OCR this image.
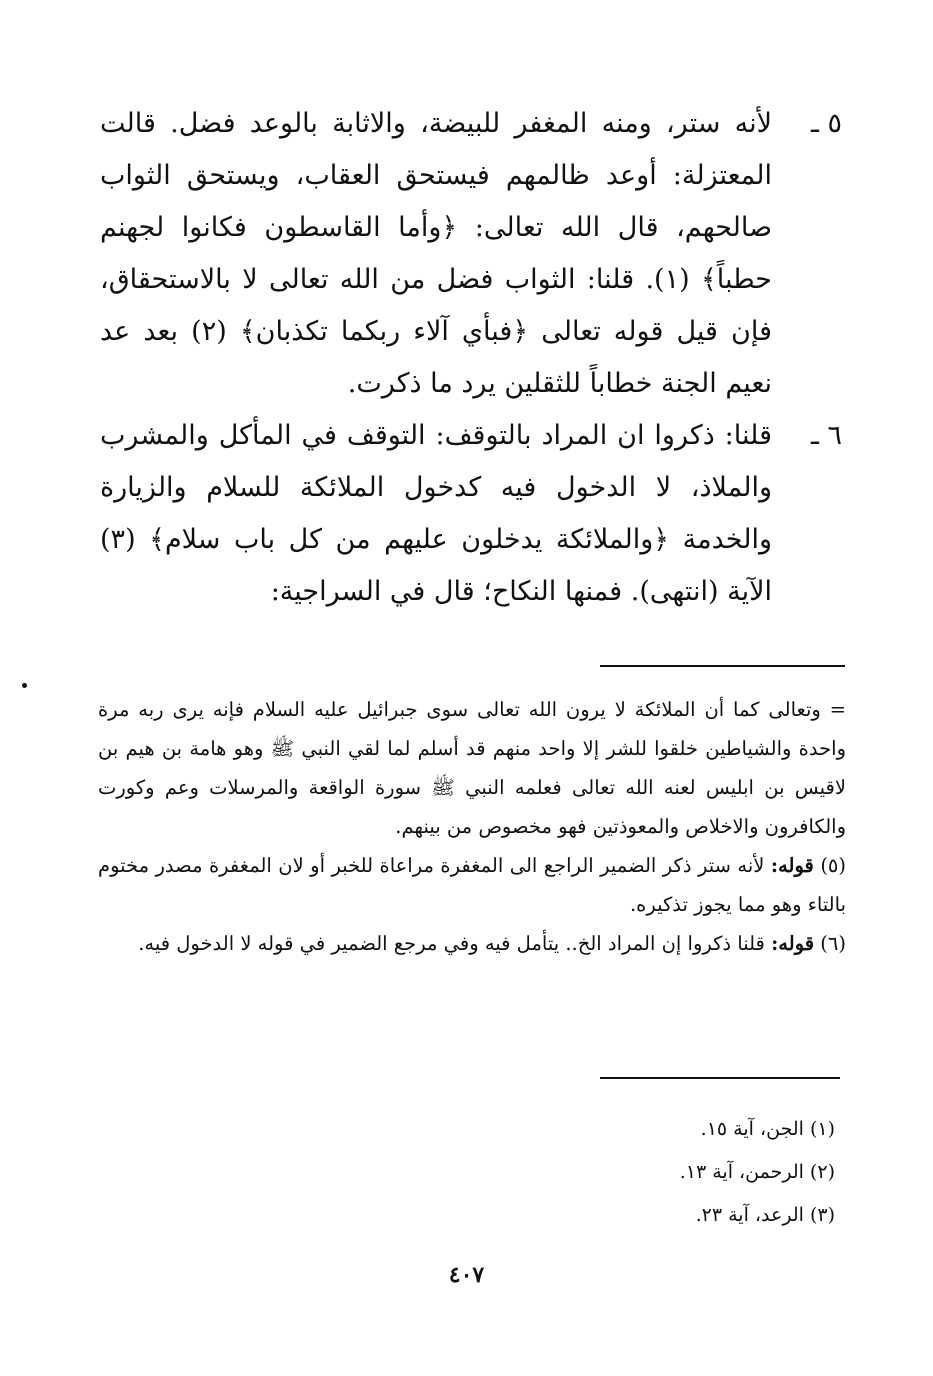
٥ ـ

لأنه ستر، ومنه المغفر للبيضة، والاثابة بالوعد فضل. قالت المعتزلة: أوعد ظالمهم فيستحق العقاب، ويستحق الثواب صالحهم، قال الله تعالى: ﴿وأما القاسطون فكانوا لجهنم حطباً﴾ (١). قلنا: الثواب فضل من الله تعالى لا بالاستحقاق، فإن قيل قوله تعالى ﴿فبأي آلاء ربكما تكذبان﴾ (٢) بعد عد نعيم الجنة خطاباً للثقلين يرد ما ذكرت.

٦ ـ

قلنا: ذكروا ان المراد بالتوقف: التوقف في المأكل والمشرب والملاذ، لا الدخول فيه كدخول الملائكة للسلام والزيارة والخدمة ﴿والملائكة يدخلون عليهم من كل باب سلام﴾ (٣) الآية (انتهى). فمنها النكاح؛ قال في السراجية:

= وتعالى كما أن الملائكة لا يرون الله تعالى سوى جبرائيل عليه السلام فإنه يرى ربه مرة واحدة والشياطين خلقوا للشر إلا واحد منهم قد أسلم لما لقي النبي ﷺ وهو هامة بن هيم بن لاقيس بن ابليس لعنه الله تعالى فعلمه النبي ﷺ سورة الواقعة والمرسلات وعم وكورت والكافرون والاخلاص والمعوذتين فهو مخصوص من بينهم.

(٥) قوله: لأنه ستر ذكر الضمير الراجع الى المغفرة مراعاة للخبر أو لان المغفرة مصدر مختوم بالتاء وهو مما يجوز تذكيره.

(٦) قوله: قلنا ذكروا إن المراد الخ.. يتأمل فيه وفي مرجع الضمير في قوله لا الدخول فيه.

(١) الجن، آية ١٥.

(٢) الرحمن، آية ١٣.

(٣) الرعد، آية ٢٣.

٤٠٧
